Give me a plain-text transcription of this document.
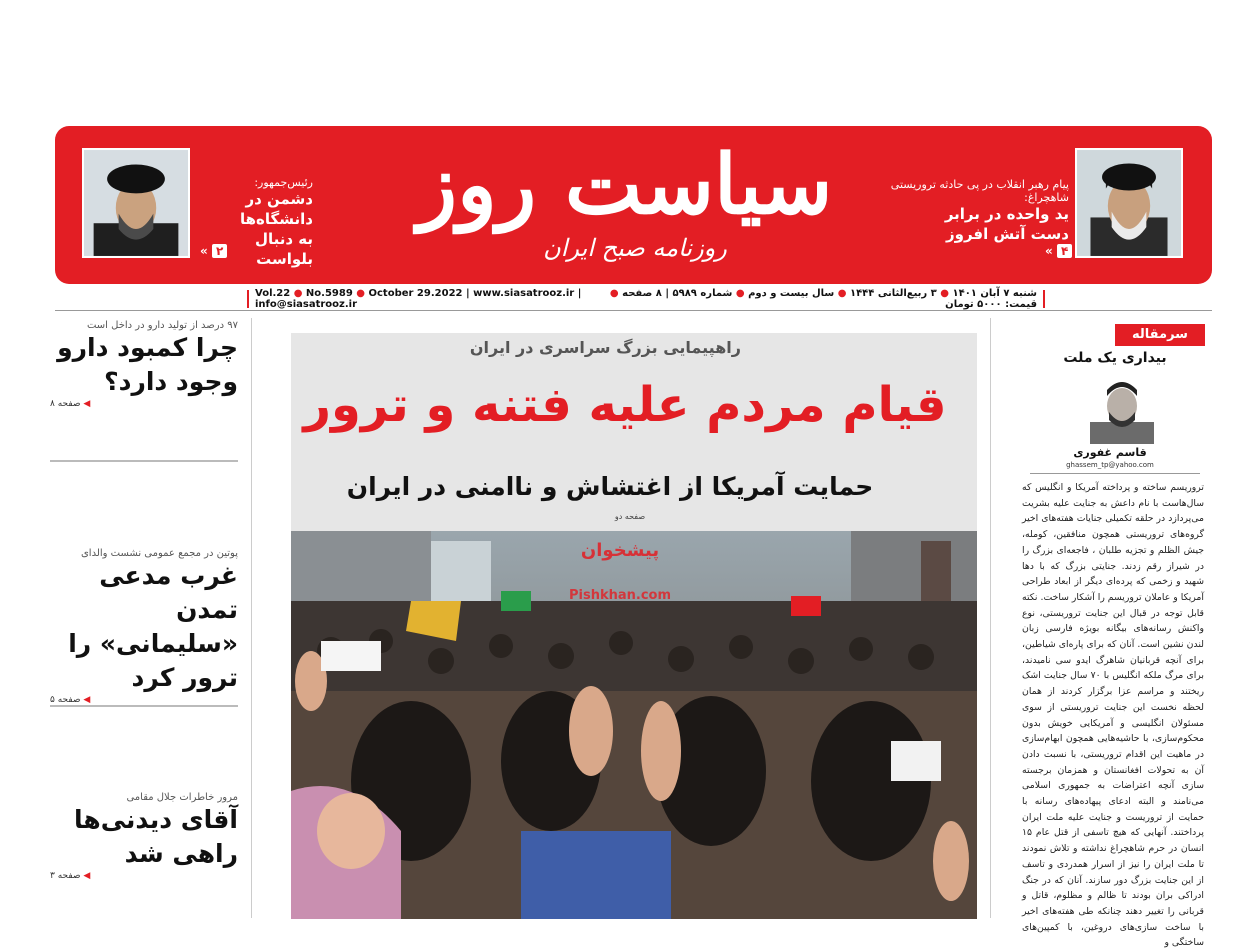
پیام رهبر انقلاب در پی حادثه تروریستی شاهچراغ:
ید واحده در برابر
دست آتش افروز
۴ »
سیاست روز
روزنامه صبح ایران
رئیس‌جمهور:
دشمن در دانشگاه‌ها
به دنبال بلواست
۲ »
شنبه ۷ آبان ۱۴۰۱ ● ۳ ربیع‌الثانی ۱۴۴۴ ● سال بیست و دوم ● شماره ۵۹۸۹ | ۸ صفحه ● قیمت: ۵۰۰۰ تومان
Vol.22 ● No.5989 ● October 29.2022 | www.siasatrooz.ir | info@siasatrooz.ir
۹۷ درصد از تولید دارو در داخل است
چرا کمبود دارو
وجود دارد؟
◀ صفحه ۸
پوتین در مجمع عمومی نشست والدای
غرب مدعی تمدن
«سلیمانی» را
ترور کرد
◀ صفحه ۵
مرور خاطرات جلال مقامی
آقای دیدنی‌ها
راهی شد
◀ صفحه ۳
راهپیمایی بزرگ سراسری در ایران
قیام مردم علیه فتنه و ترور
حمایت آمریکا از اغتشاش و ناامنی در ایران
صفحه دو
پیشخوان
Pishkhan.com
سرمقاله
بیداری یک ملت
قاسم غفوری
ghassem_tp@yahoo.com
تروریسم ساخته و پرداخته آمریکا و انگلیس که سال‌هاست با نام داعش به جنایت علیه بشریت می‌پردازد در حلقه تکمیلی جنایات هفته‌های اخیر گروه‌های تروریستی همچون منافقین، کومله، جیش الظلم و تجزیه طلبان ، فاجعه‌ای بزرگ را در شیراز رقم زدند. جنایتی بزرگ که با دها شهید و زخمی که پرده‌ای دیگر از ابعاد طراحی آمریکا و عاملان تروریسم را آشکار ساخت. نکته قابل توجه در قبال این جنایت تروریستی، نوع واکنش رسانه‌های بیگانه بویژه فارسی زبان لندن نشین است. آنان که برای پاره‌ای شیاطین، برای آنچه قربانیان شاهرگ ایدو سی نامیدند، برای مرگ ملکه انگلیس با ۷۰ سال جنایت اشک ریختند و مراسم عزا برگزار کردند از همان لحظه نخست این جنایت تروریستی از سوی مسئولان انگلیسی و آمریکایی خویش بدون محکوم‌سازی، با حاشیه‌هایی همچون ابهام‌سازی در ماهیت این اقدام تروریستی، با نسبت دادن آن به تحولات افغانستان و همزمان برجسته سازی آنچه اعتراضات به جمهوری اسلامی می‌نامند و البته ادعای پیهاده‌های رسانه با حمایت از تروریست و جنایت علیه ملت ایران پرداختند. آنهایی که هیچ تاسفی از قتل عام ۱۵ انسان در حرم شاهچراغ نداشته و تلاش نمودند تا ملت ایران را نیز از اسرار همدردی و تاسف از این جنایت بزرگ دور سازند. آنان که در جنگ ادراکی بران بودند تا ظالم و مظلوم، قاتل و قربانی را تغییر دهند چنانکه طی هفته‌های اخیر با ساخت سازی‌های دروغین، با کمپین‌های ساختگی و
